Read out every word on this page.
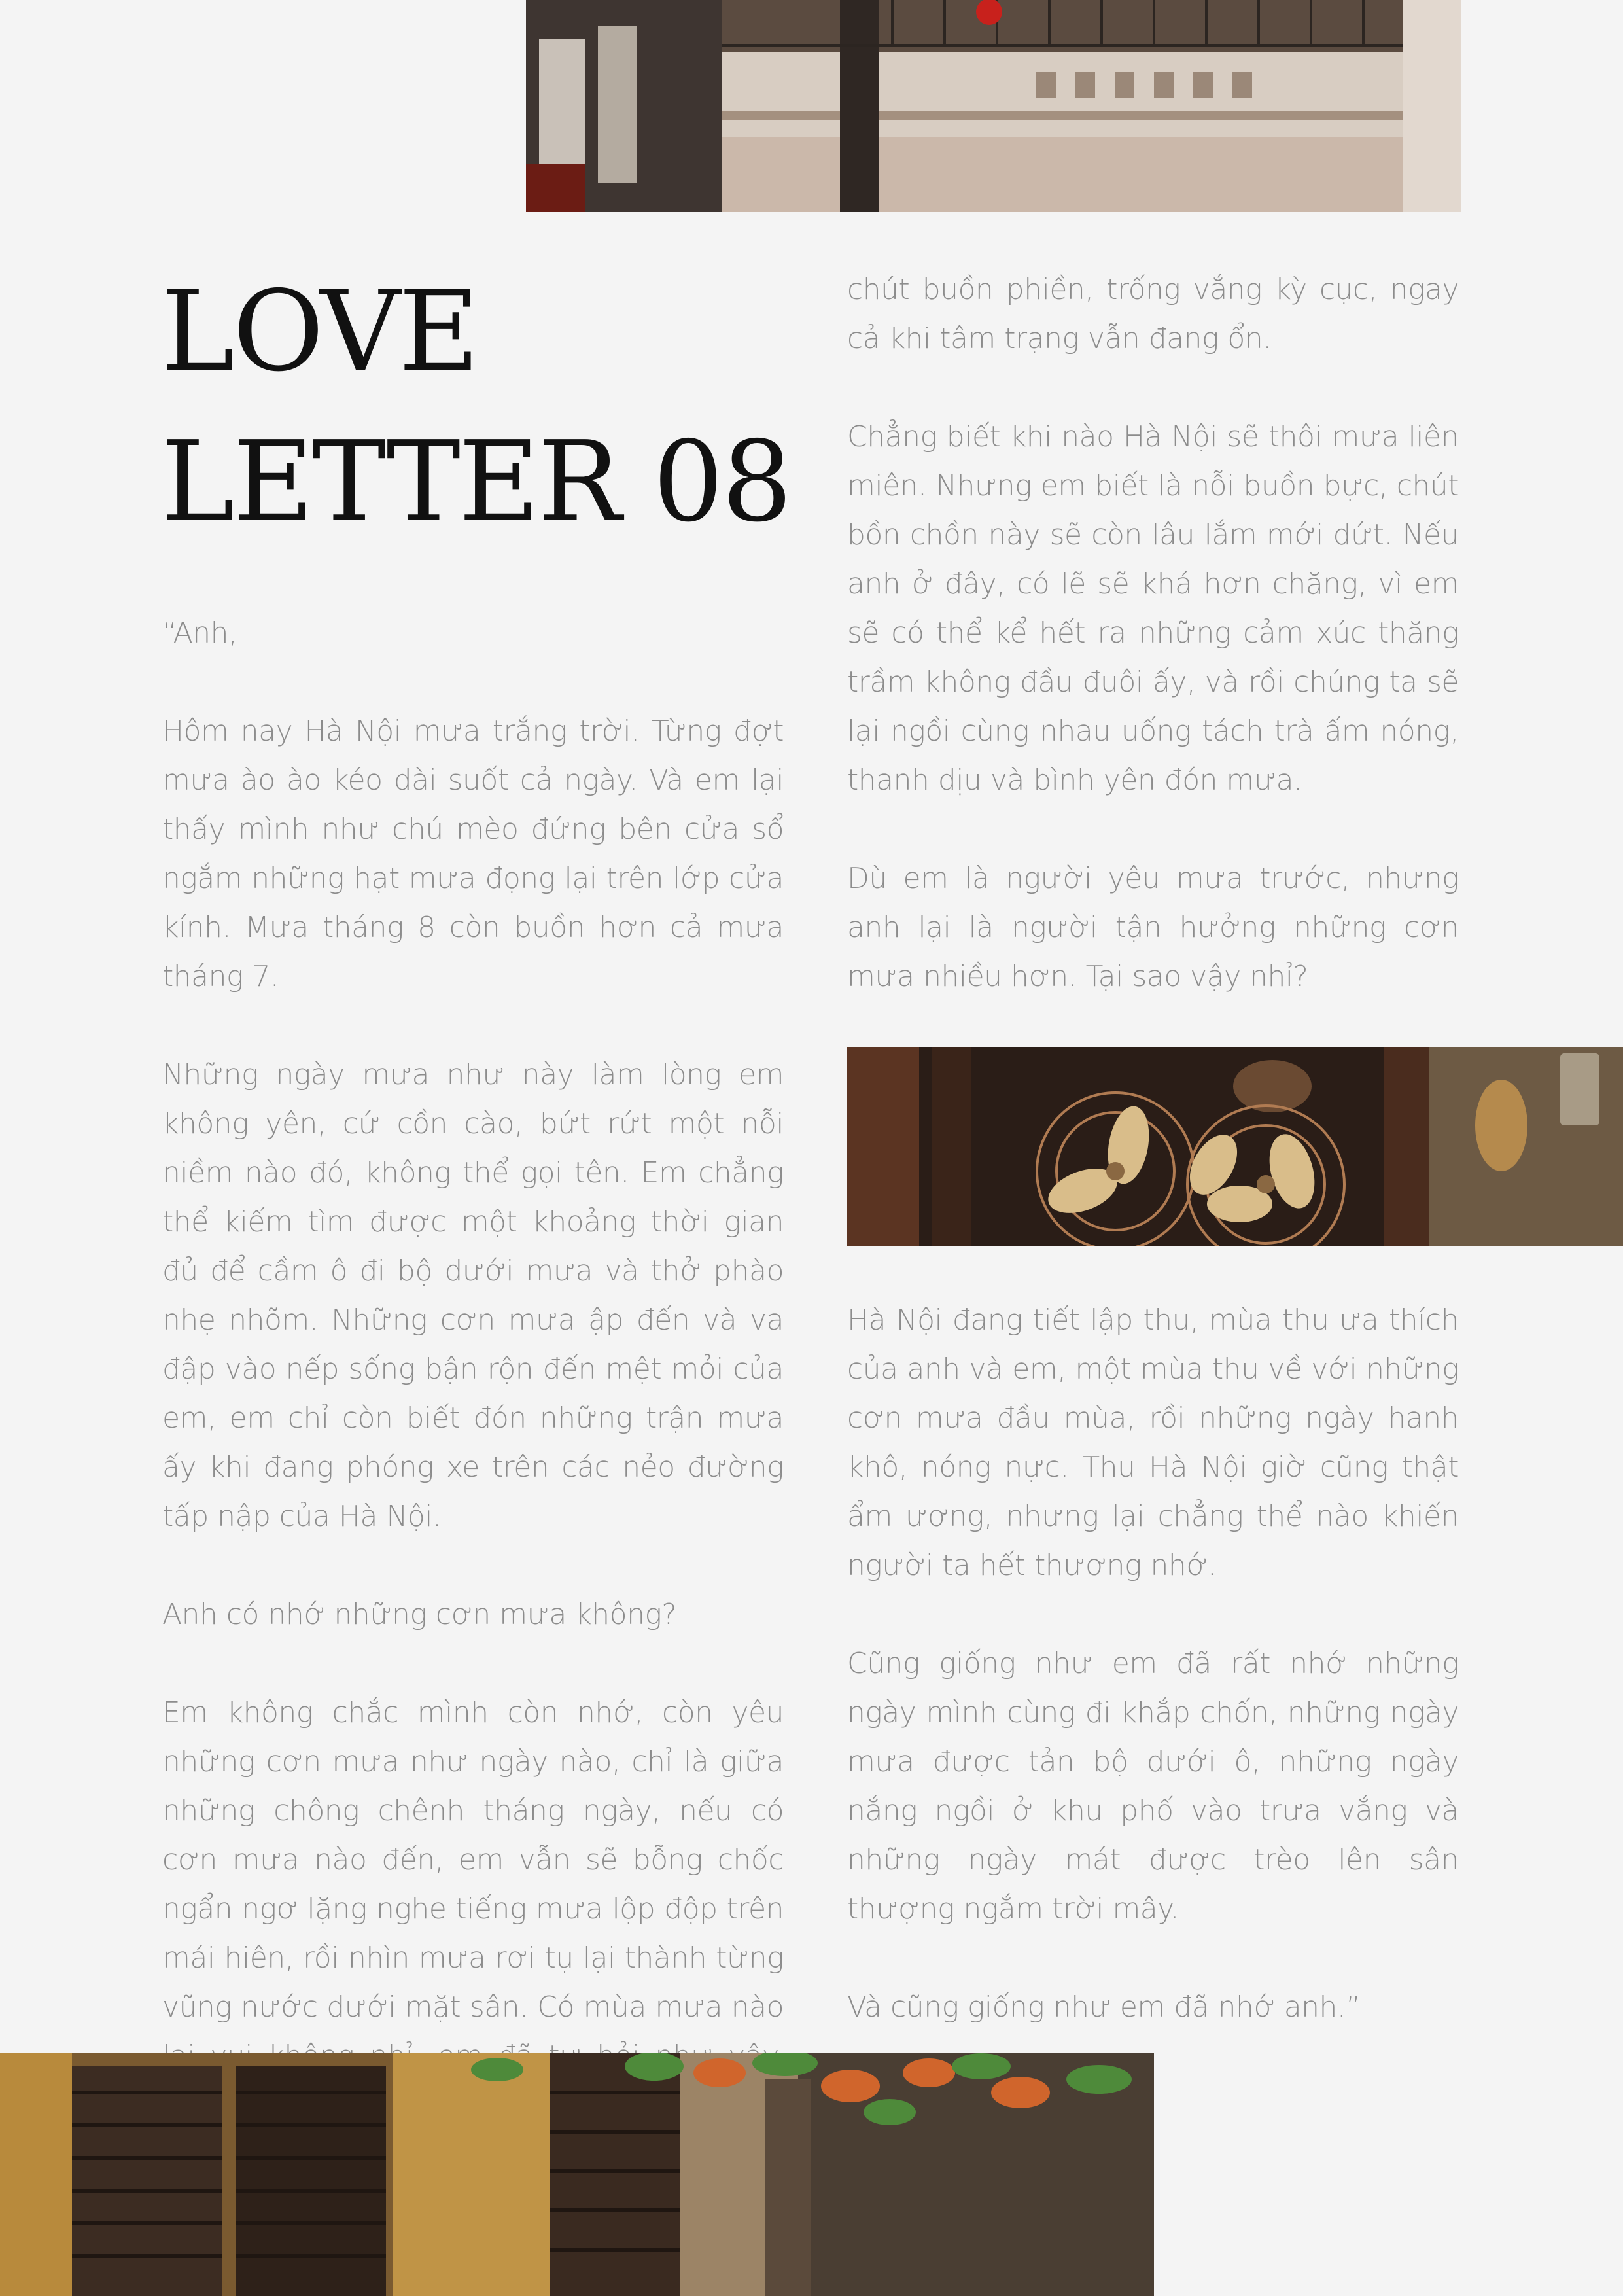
LOVE
LETTER 08

“Anh,

Hôm nay Hà Nội mưa trắng trời. Từng đợt mưa ào ào kéo dài suốt cả ngày. Và em lại thấy mình như chú mèo đứng bên cửa sổ ngắm những hạt mưa đọng lại trên lớp cửa kính. Mưa tháng 8 còn buồn hơn cả mưa tháng 7.

Những ngày mưa như này làm lòng em không yên, cứ cồn cào, bứt rứt một nỗi niềm nào đó, không thể gọi tên. Em chẳng thể kiếm tìm được một khoảng thời gian đủ để cầm ô đi bộ dưới mưa và thở phào nhẹ nhõm. Những cơn mưa ập đến và va đập vào nếp sống bận rộn đến mệt mỏi của em, em chỉ còn biết đón những trận mưa ấy khi đang phóng xe trên các nẻo đường tấp nập của Hà Nội.

Anh có nhớ những cơn mưa không?

Em không chắc mình còn nhớ, còn yêu những cơn mưa như ngày nào, chỉ là giữa những chông chênh tháng ngày, nếu có cơn mưa nào đến, em vẫn sẽ bỗng chốc ngẩn ngơ lặng nghe tiếng mưa lộp độp trên mái hiên, rồi nhìn mưa rơi tụ lại thành từng vũng nước dưới mặt sân. Có mùa mưa nào

chút buồn phiền, trống vắng kỳ cục, ngay cả khi tâm trạng vẫn đang ổn.

Chẳng biết khi nào Hà Nội sẽ thôi mưa liên miên. Nhưng em biết là nỗi buồn bực, chút bồn chồn này sẽ còn lâu lắm mới dứt. Nếu anh ở đây, có lẽ sẽ khá hơn chăng, vì em sẽ có thể kể hết ra những cảm xúc thăng trầm không đầu đuôi ấy, và rồi chúng ta sẽ lại ngồi cùng nhau uống tách trà ấm nóng, thanh dịu và bình yên đón mưa.

Dù em là người yêu mưa trước, nhưng anh lại là người tận hưởng những cơn mưa nhiều hơn. Tại sao vậy nhỉ?

Hà Nội đang tiết lập thu, mùa thu ưa thích của anh và em, một mùa thu về với những cơn mưa đầu mùa, rồi những ngày hanh khô, nóng nực. Thu Hà Nội giờ cũng thật ẩm ương, nhưng lại chẳng thể nào khiến người ta hết thương nhớ.

Cũng giống như em đã rất nhớ những ngày mình cùng đi khắp chốn, những ngày mưa được tản bộ dưới ô, những ngày nắng ngồi ở khu phố vào trưa vắng và những ngày mát được trèo lên sân thượng ngắm trời mây.

Và cũng giống như em đã nhớ anh.”
